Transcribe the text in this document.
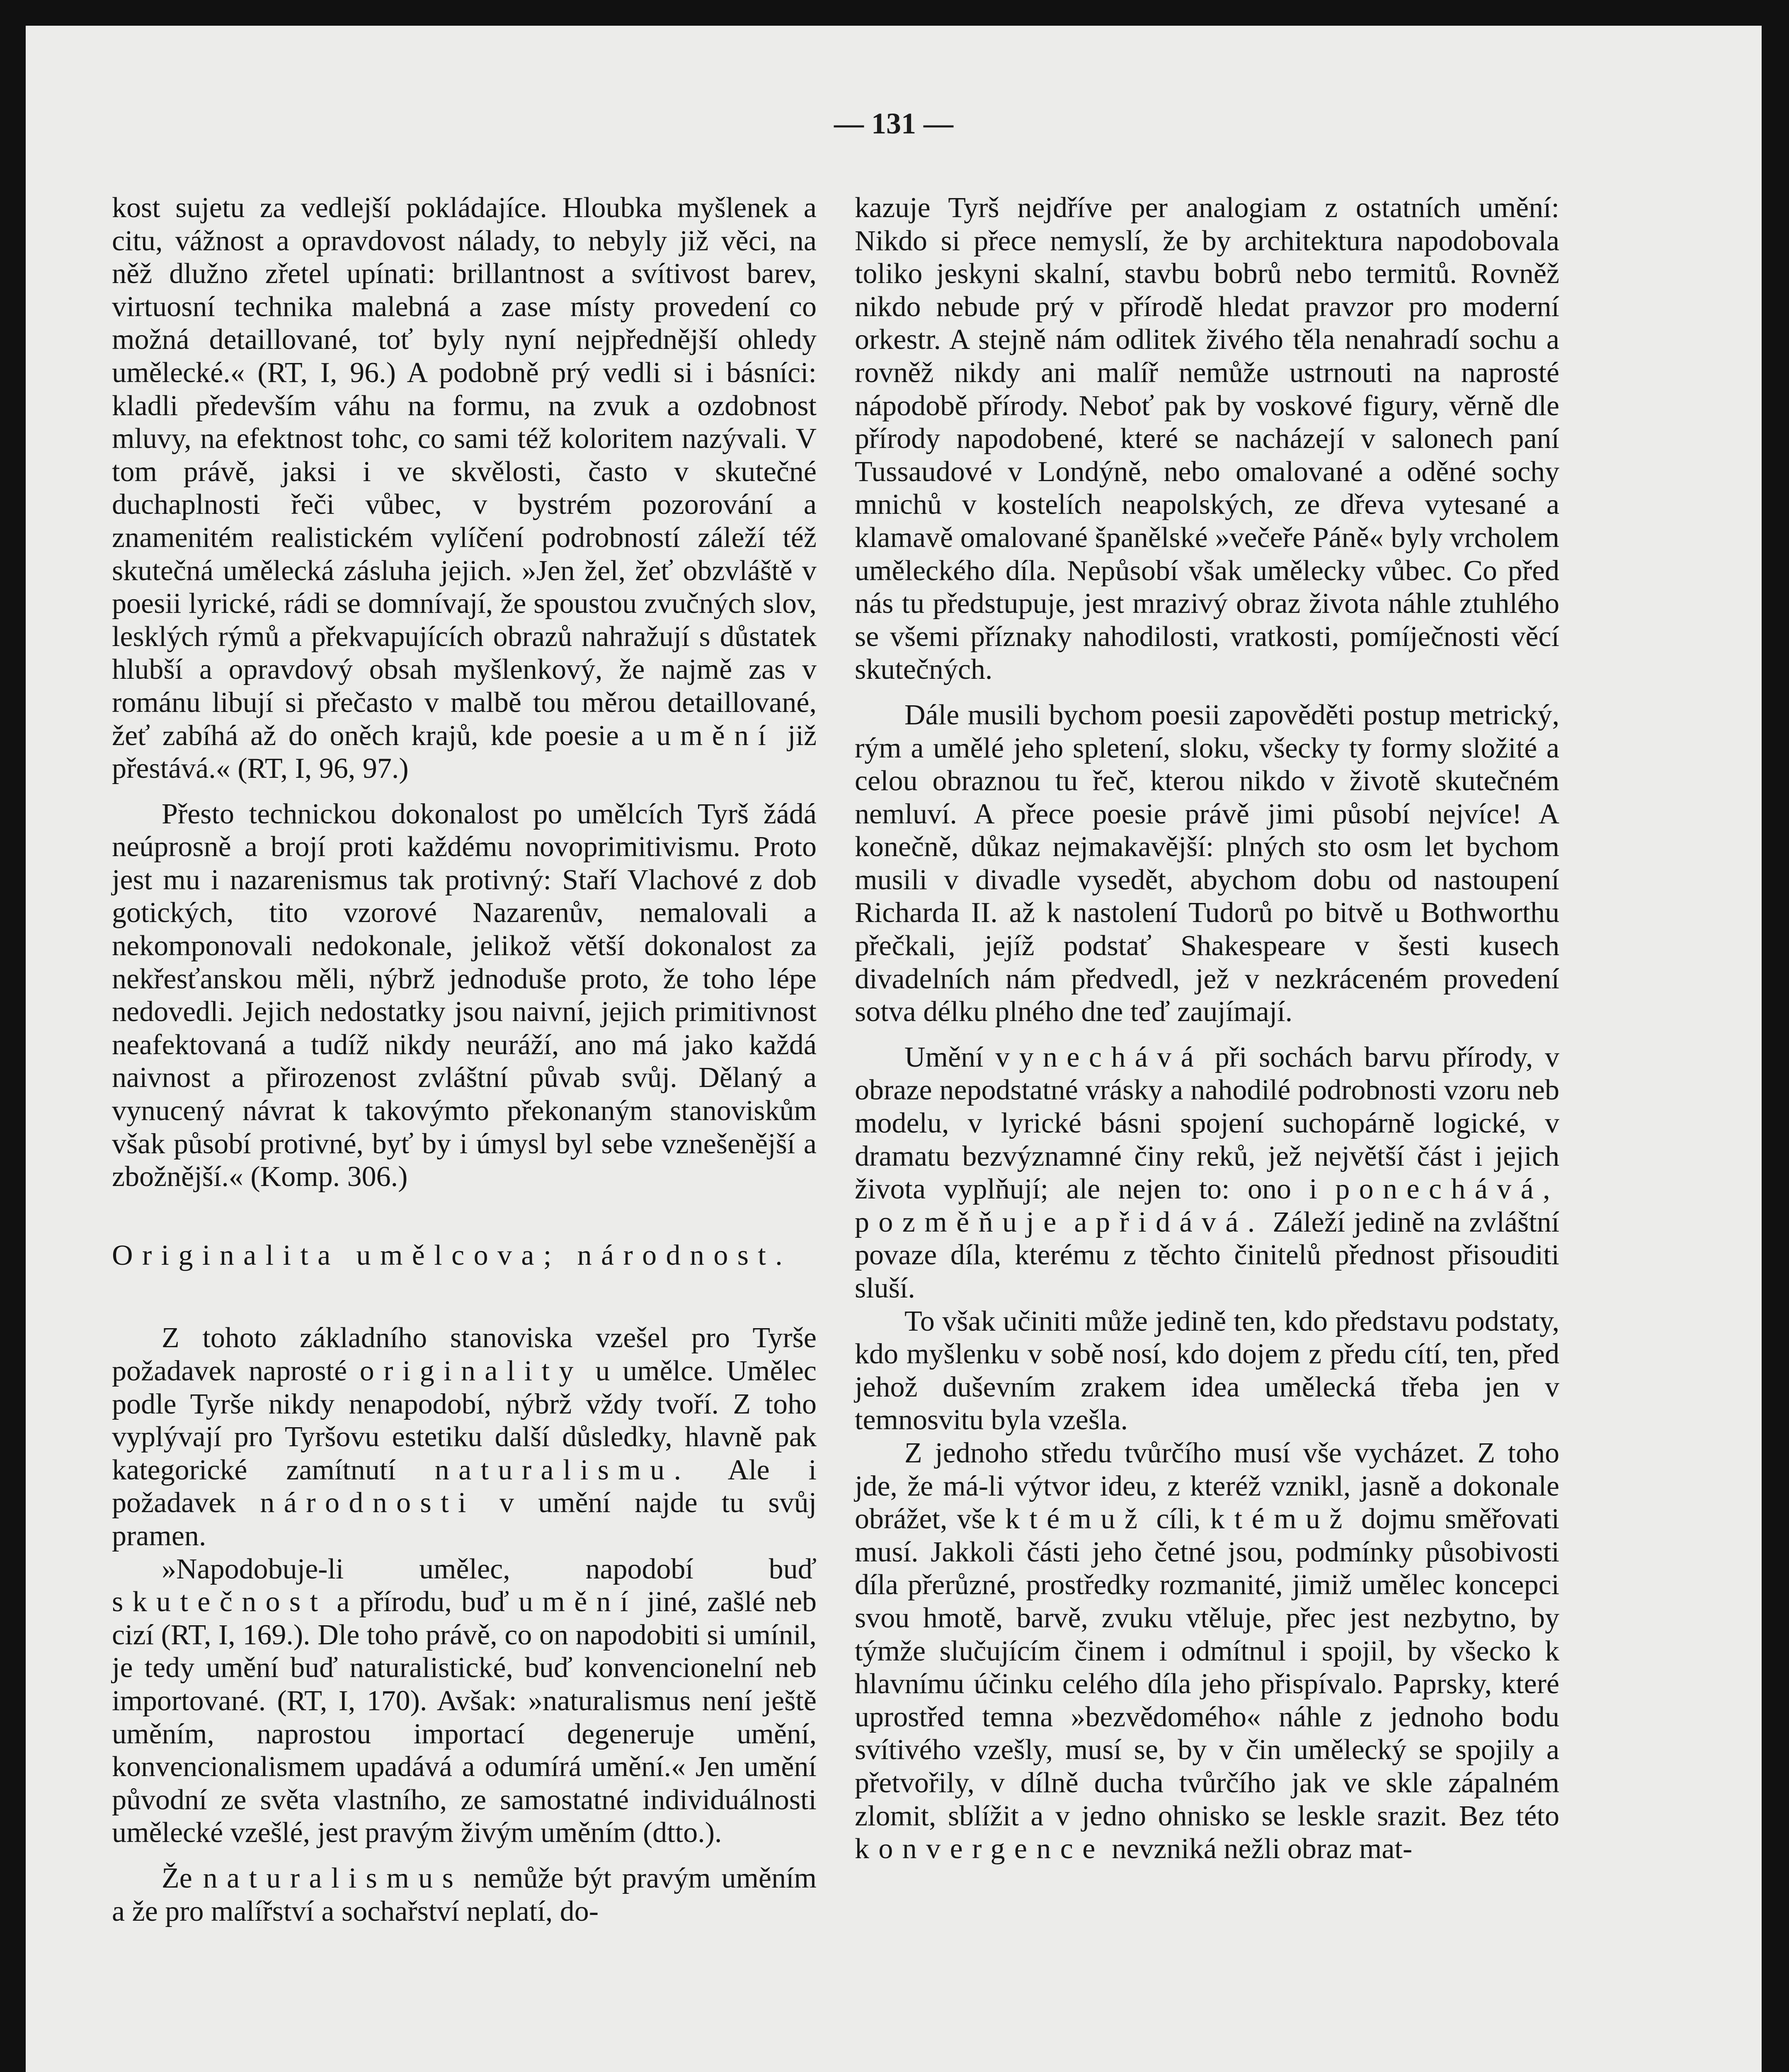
— 131 —

kost sujetu za vedlejší pokládajíce. Hloubka myšlenek a citu, vážnost a opravdovost nálady, to nebyly již věci, na něž dlužno zřetel upínati: brillantnost a svítivost barev, virtuosní technika malebná a zase místy provedení co možná detaillované, toť byly nyní nejpřednější ohledy umělecké.« (RT, I, 96.) A podobně prý vedli si i básníci: kladli především váhu na formu, na zvuk a ozdobnost mluvy, na efektnost tohc, co sami též koloritem nazývali. V tom právě, jaksi i ve skvělosti, často v skutečné duchaplnosti řeči vůbec, v bystrém pozorování a znamenitém realistickém vylíčení podrobností záleží též skutečná umělecká zásluha jejich. »Jen žel, žeť obzvláště v poesii lyrické, rádi se domnívají, že spoustou zvučných slov, lesklých rýmů a překvapujících obrazů nahražují s důstatek hlubší a opravdový obsah myšlenkový, že najmě zas v románu libují si přečasto v malbě tou měrou detaillované, žeť zabíhá až do oněch krajů, kde poesie a umění již přestává.« (RT, I, 96, 97.)

Přesto technickou dokonalost po umělcích Tyrš žádá neúprosně a brojí proti každému novoprimitivismu. Proto jest mu i nazarenismus tak protivný: Staří Vlachové z dob gotických, tito vzorové Nazarenův, nemalovali a nekomponovali nedokonale, jelikož větší dokonalost za nekřesťanskou měli, nýbrž jednoduše proto, že toho lépe nedovedli. Jejich nedostatky jsou naivní, jejich primitivnost neafektovaná a tudíž nikdy neuráží, ano má jako každá naivnost a přirozenost zvláštní půvab svůj. Dělaný a vynucený návrat k takovýmto překonaným stanoviskům však působí protivné, byť by i úmysl byl sebe vznešenější a zbožnější.« (Komp. 306.)

Originalita umělcova; národnost.

Z tohoto základního stanoviska vzešel pro Tyrše požadavek naprosté originality u umělce. Umělec podle Tyrše nikdy nenapodobí, nýbrž vždy tvoří. Z toho vyplývají pro Tyršovu estetiku další důsledky, hlavně pak kategorické zamítnutí naturalismu. Ale i požadavek národnosti v umění najde tu svůj pramen.

»Napodobuje-li umělec, napodobí buď skutečnost a přírodu, buď umění jiné, zašlé neb cizí (RT, I, 169.). Dle toho právě, co on napodobiti si umínil, je tedy umění buď naturalistické, buď konvencionelní neb importované. (RT, I, 170). Avšak: »naturalismus není ještě uměním, naprostou importací degeneruje umění, konvencionalismem upadává a odumírá umění.« Jen umění původní ze světa vlastního, ze samostatné individuálnosti umělecké vzešlé, jest pravým živým uměním (dtto.).

Že naturalismus nemůže být pravým uměním a že pro malířství a sochařství neplatí, do-

kazuje Tyrš nejdříve per analogiam z ostatních umění: Nikdo si přece nemyslí, že by architektura napodobovala toliko jeskyni skalní, stavbu bobrů nebo termitů. Rovněž nikdo nebude prý v přírodě hledat pravzor pro moderní orkestr. A stejně nám odlitek živého těla nenahradí sochu a rovněž nikdy ani malíř nemůže ustrnouti na naprosté nápodobě přírody. Neboť pak by voskové figury, věrně dle přírody napodobené, které se nacházejí v salonech paní Tussaudové v Londýně, nebo omalované a oděné sochy mnichů v kostelích neapolských, ze dřeva vytesané a klamavě omalované španělské »večeře Páně« byly vrcholem uměleckého díla. Nepůsobí však umělecky vůbec. Co před nás tu předstupuje, jest mrazivý obraz života náhle ztuhlého se všemi příznaky nahodilosti, vratkosti, pomíječnosti věcí skutečných.

Dále musili bychom poesii zapověděti postup metrický, rým a umělé jeho spletení, sloku, všecky ty formy složité a celou obraznou tu řeč, kterou nikdo v životě skutečném nemluví. A přece poesie právě jimi působí nejvíce! A konečně, důkaz nejmakavější: plných sto osm let bychom musili v divadle vysedět, abychom dobu od nastoupení Richarda II. až k nastolení Tudorů po bitvě u Bothworthu přečkali, jejíž podstať Shakespeare v šesti kusech divadelních nám předvedl, jež v nezkráceném provedení sotva délku plného dne teď zaujímají.

Umění vynechává při sochách barvu přírody, v obraze nepodstatné vrásky a nahodilé podrobnosti vzoru neb modelu, v lyrické básni spojení suchopárně logické, v dramatu bezvýznamné činy reků, jež největší část i jejich života vyplňují; ale nejen to: ono i ponechává, pozměňuje a přidává. Záleží jedině na zvláštní povaze díla, kterému z těchto činitelů přednost přisouditi sluší.

To však učiniti může jedině ten, kdo představu podstaty, kdo myšlenku v sobě nosí, kdo dojem z předu cítí, ten, před jehož duševním zrakem idea umělecká třeba jen v temnosvitu byla vzešla.

Z jednoho středu tvůrčího musí vše vycházet. Z toho jde, že má-li výtvor ideu, z kteréž vznikl, jasně a dokonale obrážet, vše k témuž cíli, k témuž dojmu směřovati musí. Jakkoli části jeho četné jsou, podmínky působivosti díla přerůzné, prostředky rozmanité, jimiž umělec koncepci svou hmotě, barvě, zvuku vtěluje, přec jest nezbytno, by týmže slučujícím činem i odmítnul i spojil, by všecko k hlavnímu účinku celého díla jeho přispívalo. Paprsky, které uprostřed temna »bezvědomého« náhle z jednoho bodu svítivého vzešly, musí se, by v čin umělecký se spojily a přetvořily, v dílně ducha tvůrčího jak ve skle zápalném zlomit, sblížit a v jedno ohnisko se leskle srazit. Bez této konvergence nevzniká nežli obraz mat-
